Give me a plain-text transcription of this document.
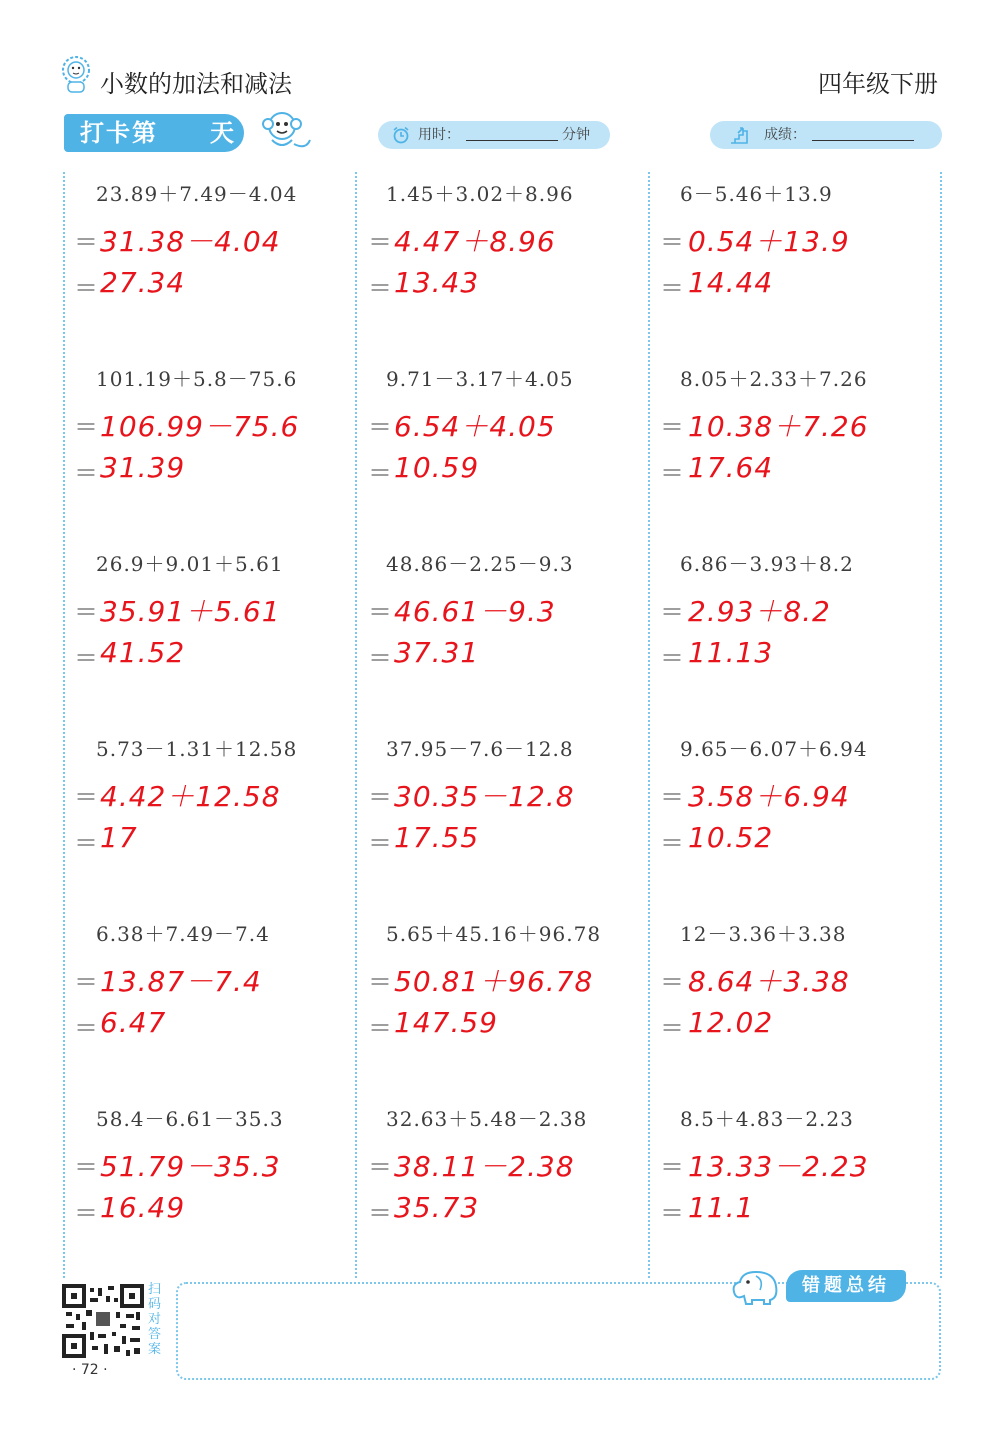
小数的加法和减法	四年级下册
打卡第 天	用时：	分钟	成绩：
23.89＋7.49－4.04
＝ 31.38－4.04
＝ 27.34
101.19＋5.8－75.6
＝ 106.99－75.6
＝ 31.39
26.9＋9.01＋5.61
＝ 35.91＋5.61
＝ 41.52
5.73－1.31＋12.58
＝ 4.42＋12.58
＝ 17
6.38＋7.49－7.4
＝ 13.87－7.4
＝ 6.47
58.4－6.61－35.3
＝ 51.79－35.3
＝ 16.49
1.45＋3.02＋8.96
＝ 4.47＋8.96
＝ 13.43
9.71－3.17＋4.05
＝ 6.54＋4.05
＝ 10.59
48.86－2.25－9.3
＝ 46.61－9.3
＝ 37.31
37.95－7.6－12.8
＝ 30.35－12.8
＝ 17.55
5.65＋45.16＋96.78
＝ 50.81＋96.78
＝ 147.59
32.63＋5.48－2.38
＝ 38.11－2.38
＝ 35.73
6－5.46＋13.9
＝ 0.54＋13.9
＝ 14.44
8.05＋2.33＋7.26
＝ 10.38＋7.26
＝ 17.64
6.86－3.93＋8.2
＝ 2.93＋8.2
＝ 11.13
9.65－6.07＋6.94
＝ 3.58＋6.94
＝ 10.52
12－3.36＋3.38
＝ 8.64＋3.38
＝ 12.02
8.5＋4.83－2.23
＝ 13.33－2.23
＝ 11.1
扫码对答案
· 72 ·
错题总结
